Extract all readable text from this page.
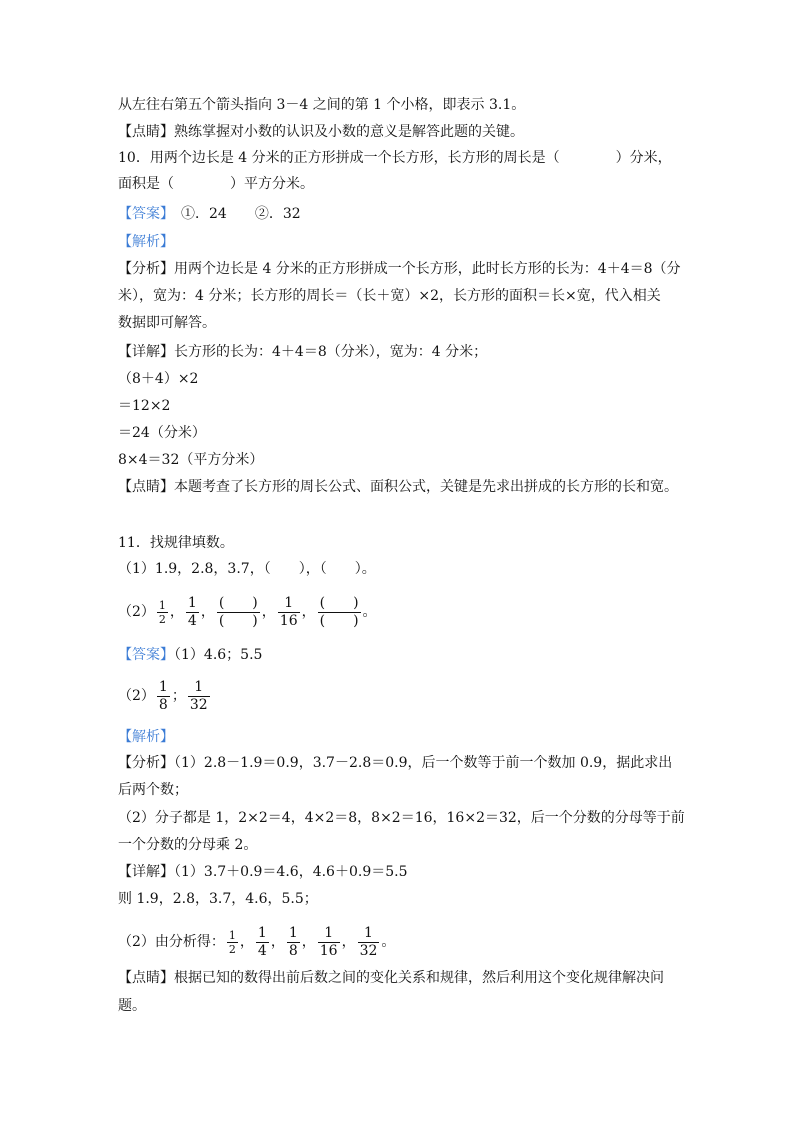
从左往右第五个箭头指向 3－4 之间的第 1 个小格，即表示 3.1。
【点睛】熟练掌握对小数的认识及小数的意义是解答此题的关键。
10．用两个边长是 4 分米的正方形拼成一个长方形，长方形的周长是（　　　　）分米，
面积是（　　　　）平方分米。
【答案】　①．24　　②．32
【解析】
【分析】用两个边长是 4 分米的正方形拼成一个长方形，此时长方形的长为：4＋4＝8（分
米），宽为：4 分米；长方形的周长＝（长＋宽）×2，长方形的面积＝长×宽，代入相关
数据即可解答。
【详解】长方形的长为：4＋4＝8（分米），宽为：4 分米；
（8＋4）×2
＝12×2
＝24（分米）
8×4＝32（平方分米）
【点睛】本题考查了长方形的周长公式、面积公式，关键是先求出拼成的长方形的长和宽。
11．找规律填数。
（1）1.9，2.8，3.7，（　　），（　　）。
$(2) \frac{1}{2}$ ， $\frac{1}{4}$ ， $\frac{( )}{( )}$ ， $\frac{1}{16}$ ， $\frac{( )}{( )}$ 。
【答案】（1）4.6；5.5
$(2) \frac{1}{8}$ ； $\frac{1}{32}$
【解析】
【分析】（1）2.8－1.9＝0.9，3.7－2.8＝0.9，后一个数等于前一个数加 0.9，据此求出
后两个数；
（2）分子都是 1，2×2＝4，4×2＝8，8×2＝16，16×2＝32，后一个分数的分母等于前
一个分数的分母乘 2。
【详解】（1）3.7＋0.9＝4.6，4.6＋0.9＝5.5
则 1.9，2.8，3.7，4.6，5.5；
（2）由分析得： $\frac{1}{2}$ ， $\frac{1}{4}$ ， $\frac{1}{8}$ ， $\frac{1}{16}$ ， $\frac{1}{32}$ 。
【点睛】根据已知的数得出前后数之间的变化关系和规律，然后利用这个变化规律解决问
题。
